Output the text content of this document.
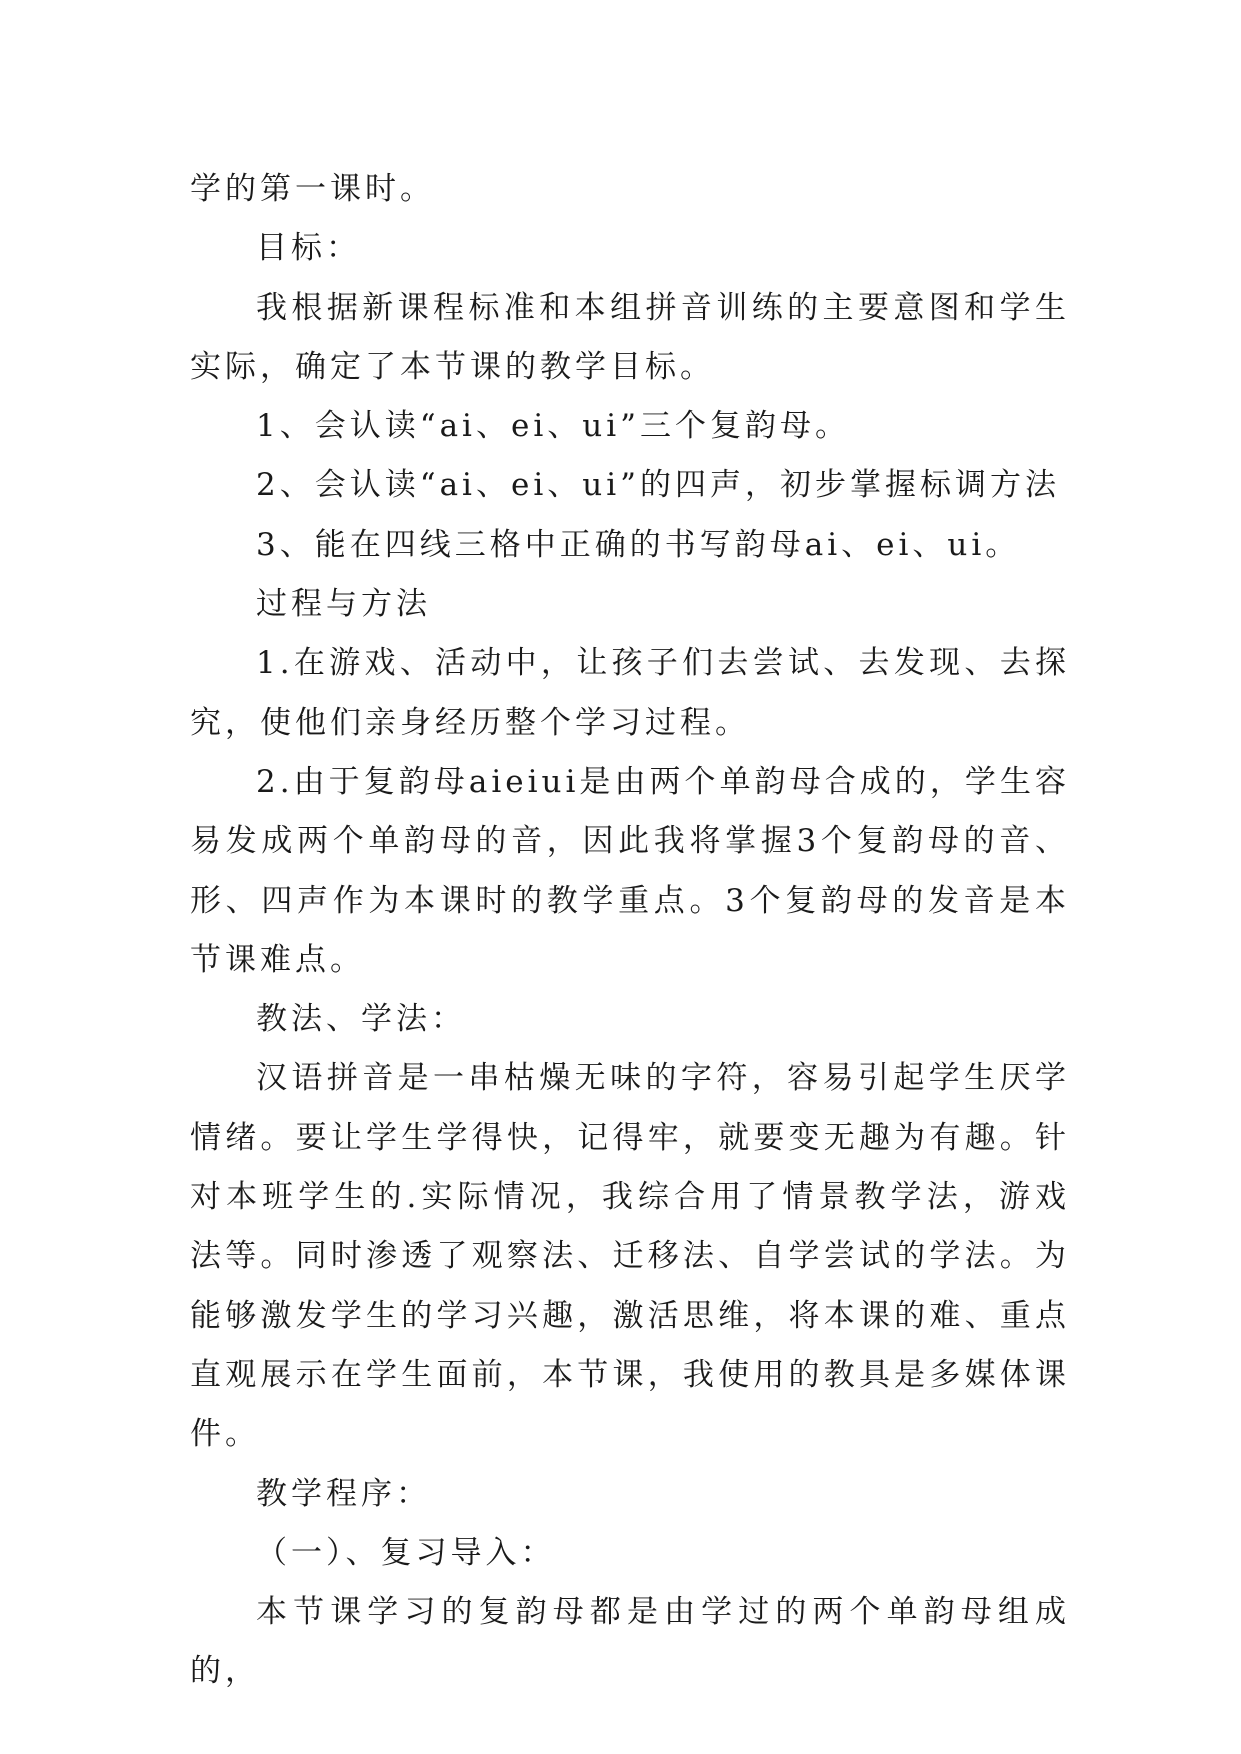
学的第一课时。

目标：

我根据新课程标准和本组拼音训练的主要意图和学生实际，确定了本节课的教学目标。

1、会认读“ai、ei、ui”三个复韵母。

2、会认读“ai、ei、ui”的四声，初步掌握标调方法

3、能在四线三格中正确的书写韵母ai、ei、ui。

过程与方法

1.在游戏、活动中，让孩子们去尝试、去发现、去探究，使他们亲身经历整个学习过程。

2.由于复韵母aieiui是由两个单韵母合成的，学生容易发成两个单韵母的音，因此我将掌握3个复韵母的音、形、四声作为本课时的教学重点。3个复韵母的发音是本节课难点。

教法、学法：

汉语拼音是一串枯燥无味的字符，容易引起学生厌学情绪。要让学生学得快，记得牢，就要变无趣为有趣。针对本班学生的.实际情况，我综合用了情景教学法，游戏法等。同时渗透了观察法、迁移法、自学尝试的学法。为能够激发学生的学习兴趣，激活思维，将本课的难、重点直观展示在学生面前，本节课，我使用的教具是多媒体课件。

教学程序：

（一）、复习导入：

本节课学习的复韵母都是由学过的两个单韵母组成的，
